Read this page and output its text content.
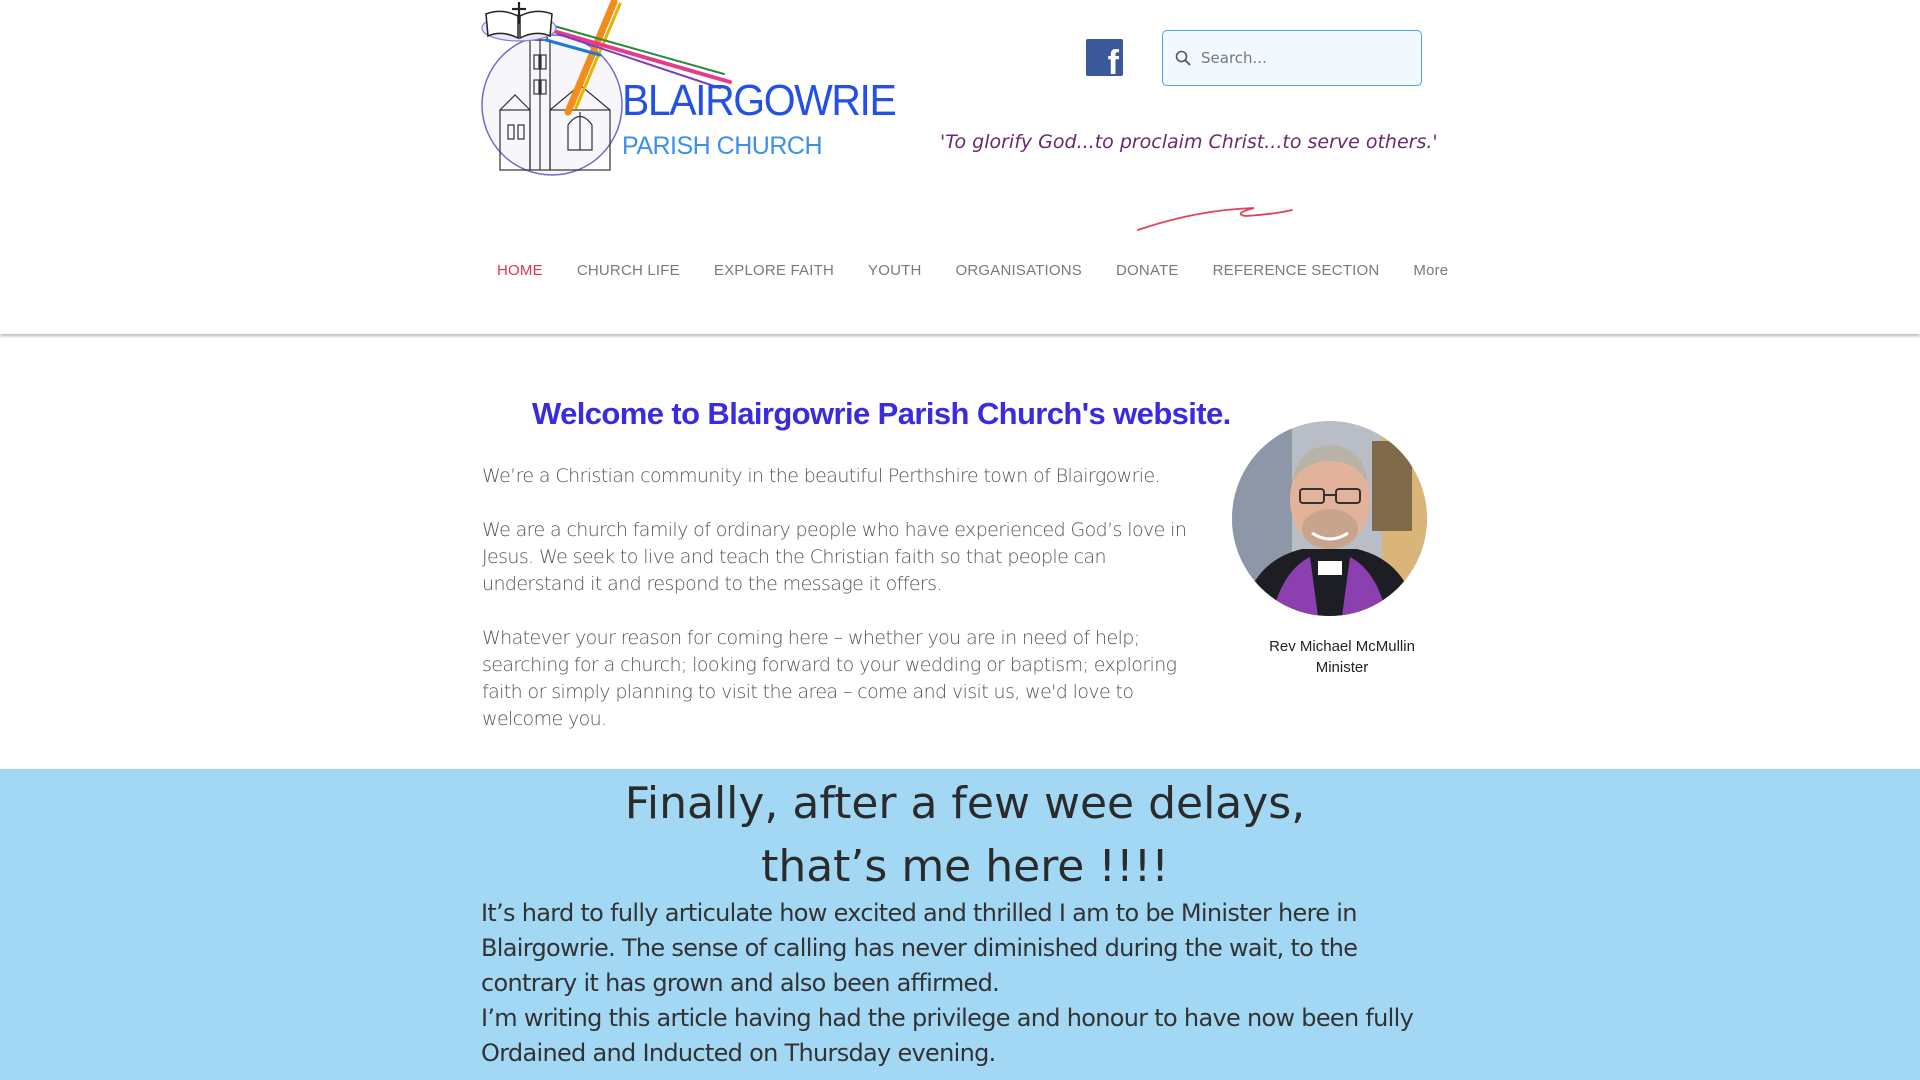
BLAIRGOWRIE
PARISH CHURCH
f
Search...
'To glorify God...to proclaim Christ...to serve others.'
HOME	CHURCH LIFE	EXPLORE FAITH	YOUTH	ORGANISATIONS	DONATE	REFERENCE SECTION	More
Welcome to Blairgowrie Parish Church's website.

We’re a Christian community in the beautiful Perthshire town of Blairgowrie.

We are a church family of ordinary people who have experienced God’s love in Jesus. We seek to live and teach the Christian faith so that people can understand it and respond to the message it offers.

Whatever your reason for coming here – whether you are in need of help; searching for a church; looking forward to your wedding or baptism; exploring faith or simply planning to visit the area – come and visit us, we'd love to welcome you.

Rev Michael McMullin
Minister
Finally, after a few wee delays,
that’s me here !!!!

It’s hard to fully articulate how excited and thrilled I am to be Minister here in Blairgowrie. The sense of calling has never diminished during the wait, to the contrary it has grown and also been affirmed.

I’m writing this article having had the privilege and honour to have now been fully Ordained and Inducted on Thursday evening.
